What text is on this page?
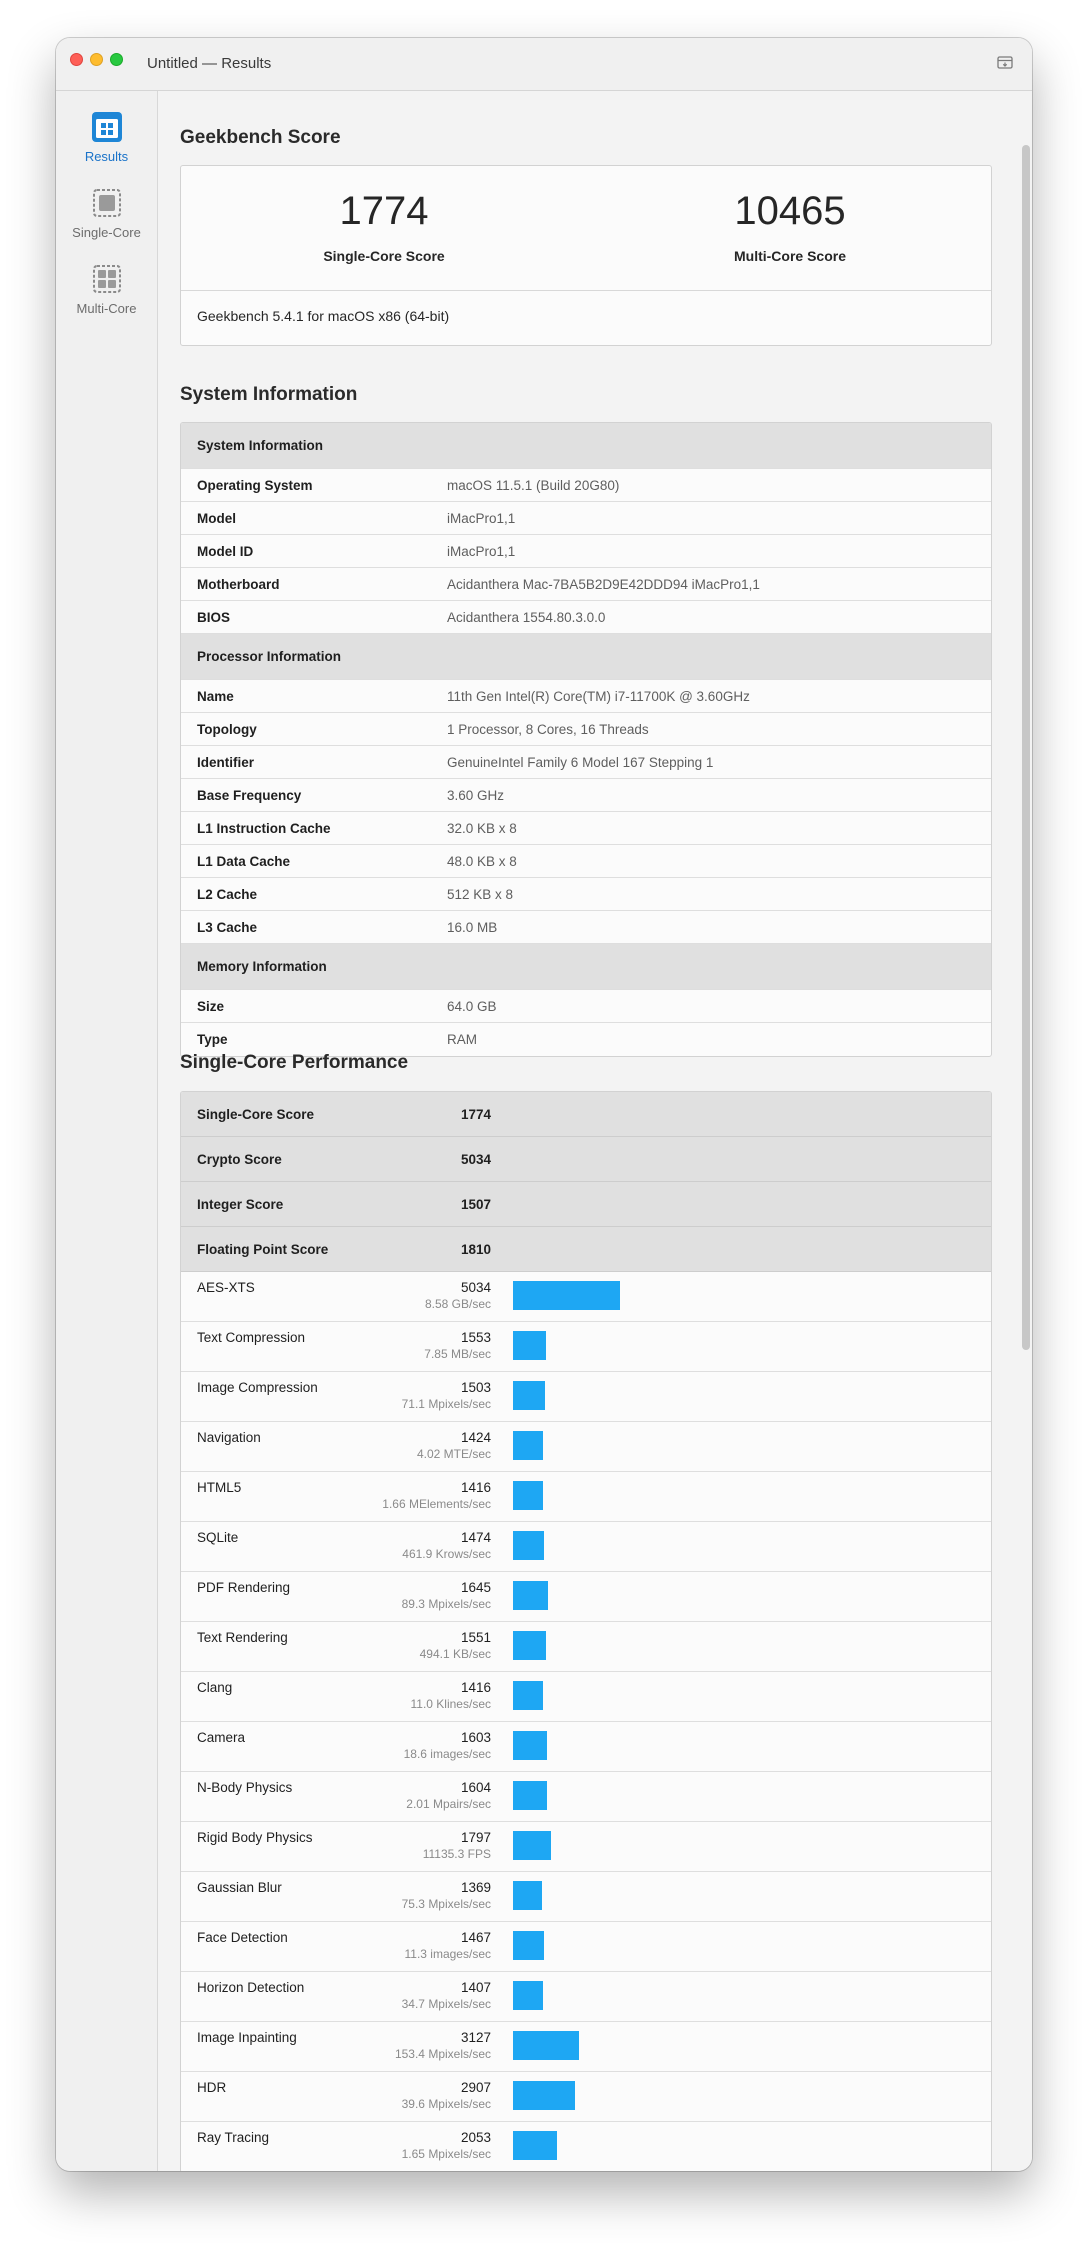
Untitled — Results
Results
Single-Core
Multi-Core
Geekbench Score
1774
Single-Core Score
10465
Multi-Core Score
Geekbench 5.4.1 for macOS x86 (64-bit)
System Information
System Information
Operating System	macOS 11.5.1 (Build 20G80)
Model	iMacPro1,1
Model ID	iMacPro1,1
Motherboard	Acidanthera Mac-7BA5B2D9E42DDD94 iMacPro1,1
BIOS	Acidanthera 1554.80.3.0.0
Processor Information
Name	11th Gen Intel(R) Core(TM) i7-11700K @ 3.60GHz
Topology	1 Processor, 8 Cores, 16 Threads
Identifier	GenuineIntel Family 6 Model 167 Stepping 1
Base Frequency	3.60 GHz
L1 Instruction Cache	32.0 KB x 8
L1 Data Cache	48.0 KB x 8
L2 Cache	512 KB x 8
L3 Cache	16.0 MB
Memory Information
Size	64.0 GB
Type	RAM
Single-Core Performance
Single-Core Score	1774
Crypto Score	5034
Integer Score	1507
Floating Point Score	1810
AES-XTS	5034
8.58 GB/sec
Text Compression	1553
7.85 MB/sec
Image Compression	1503
71.1 Mpixels/sec
Navigation	1424
4.02 MTE/sec
HTML5	1416
1.66 MElements/sec
SQLite	1474
461.9 Krows/sec
PDF Rendering	1645
89.3 Mpixels/sec
Text Rendering	1551
494.1 KB/sec
Clang	1416
11.0 Klines/sec
Camera	1603
18.6 images/sec
N-Body Physics	1604
2.01 Mpairs/sec
Rigid Body Physics	1797
11135.3 FPS
Gaussian Blur	1369
75.3 Mpixels/sec
Face Detection	1467
11.3 images/sec
Horizon Detection	1407
34.7 Mpixels/sec
Image Inpainting	3127
153.4 Mpixels/sec
HDR	2907
39.6 Mpixels/sec
Ray Tracing	2053
1.65 Mpixels/sec
